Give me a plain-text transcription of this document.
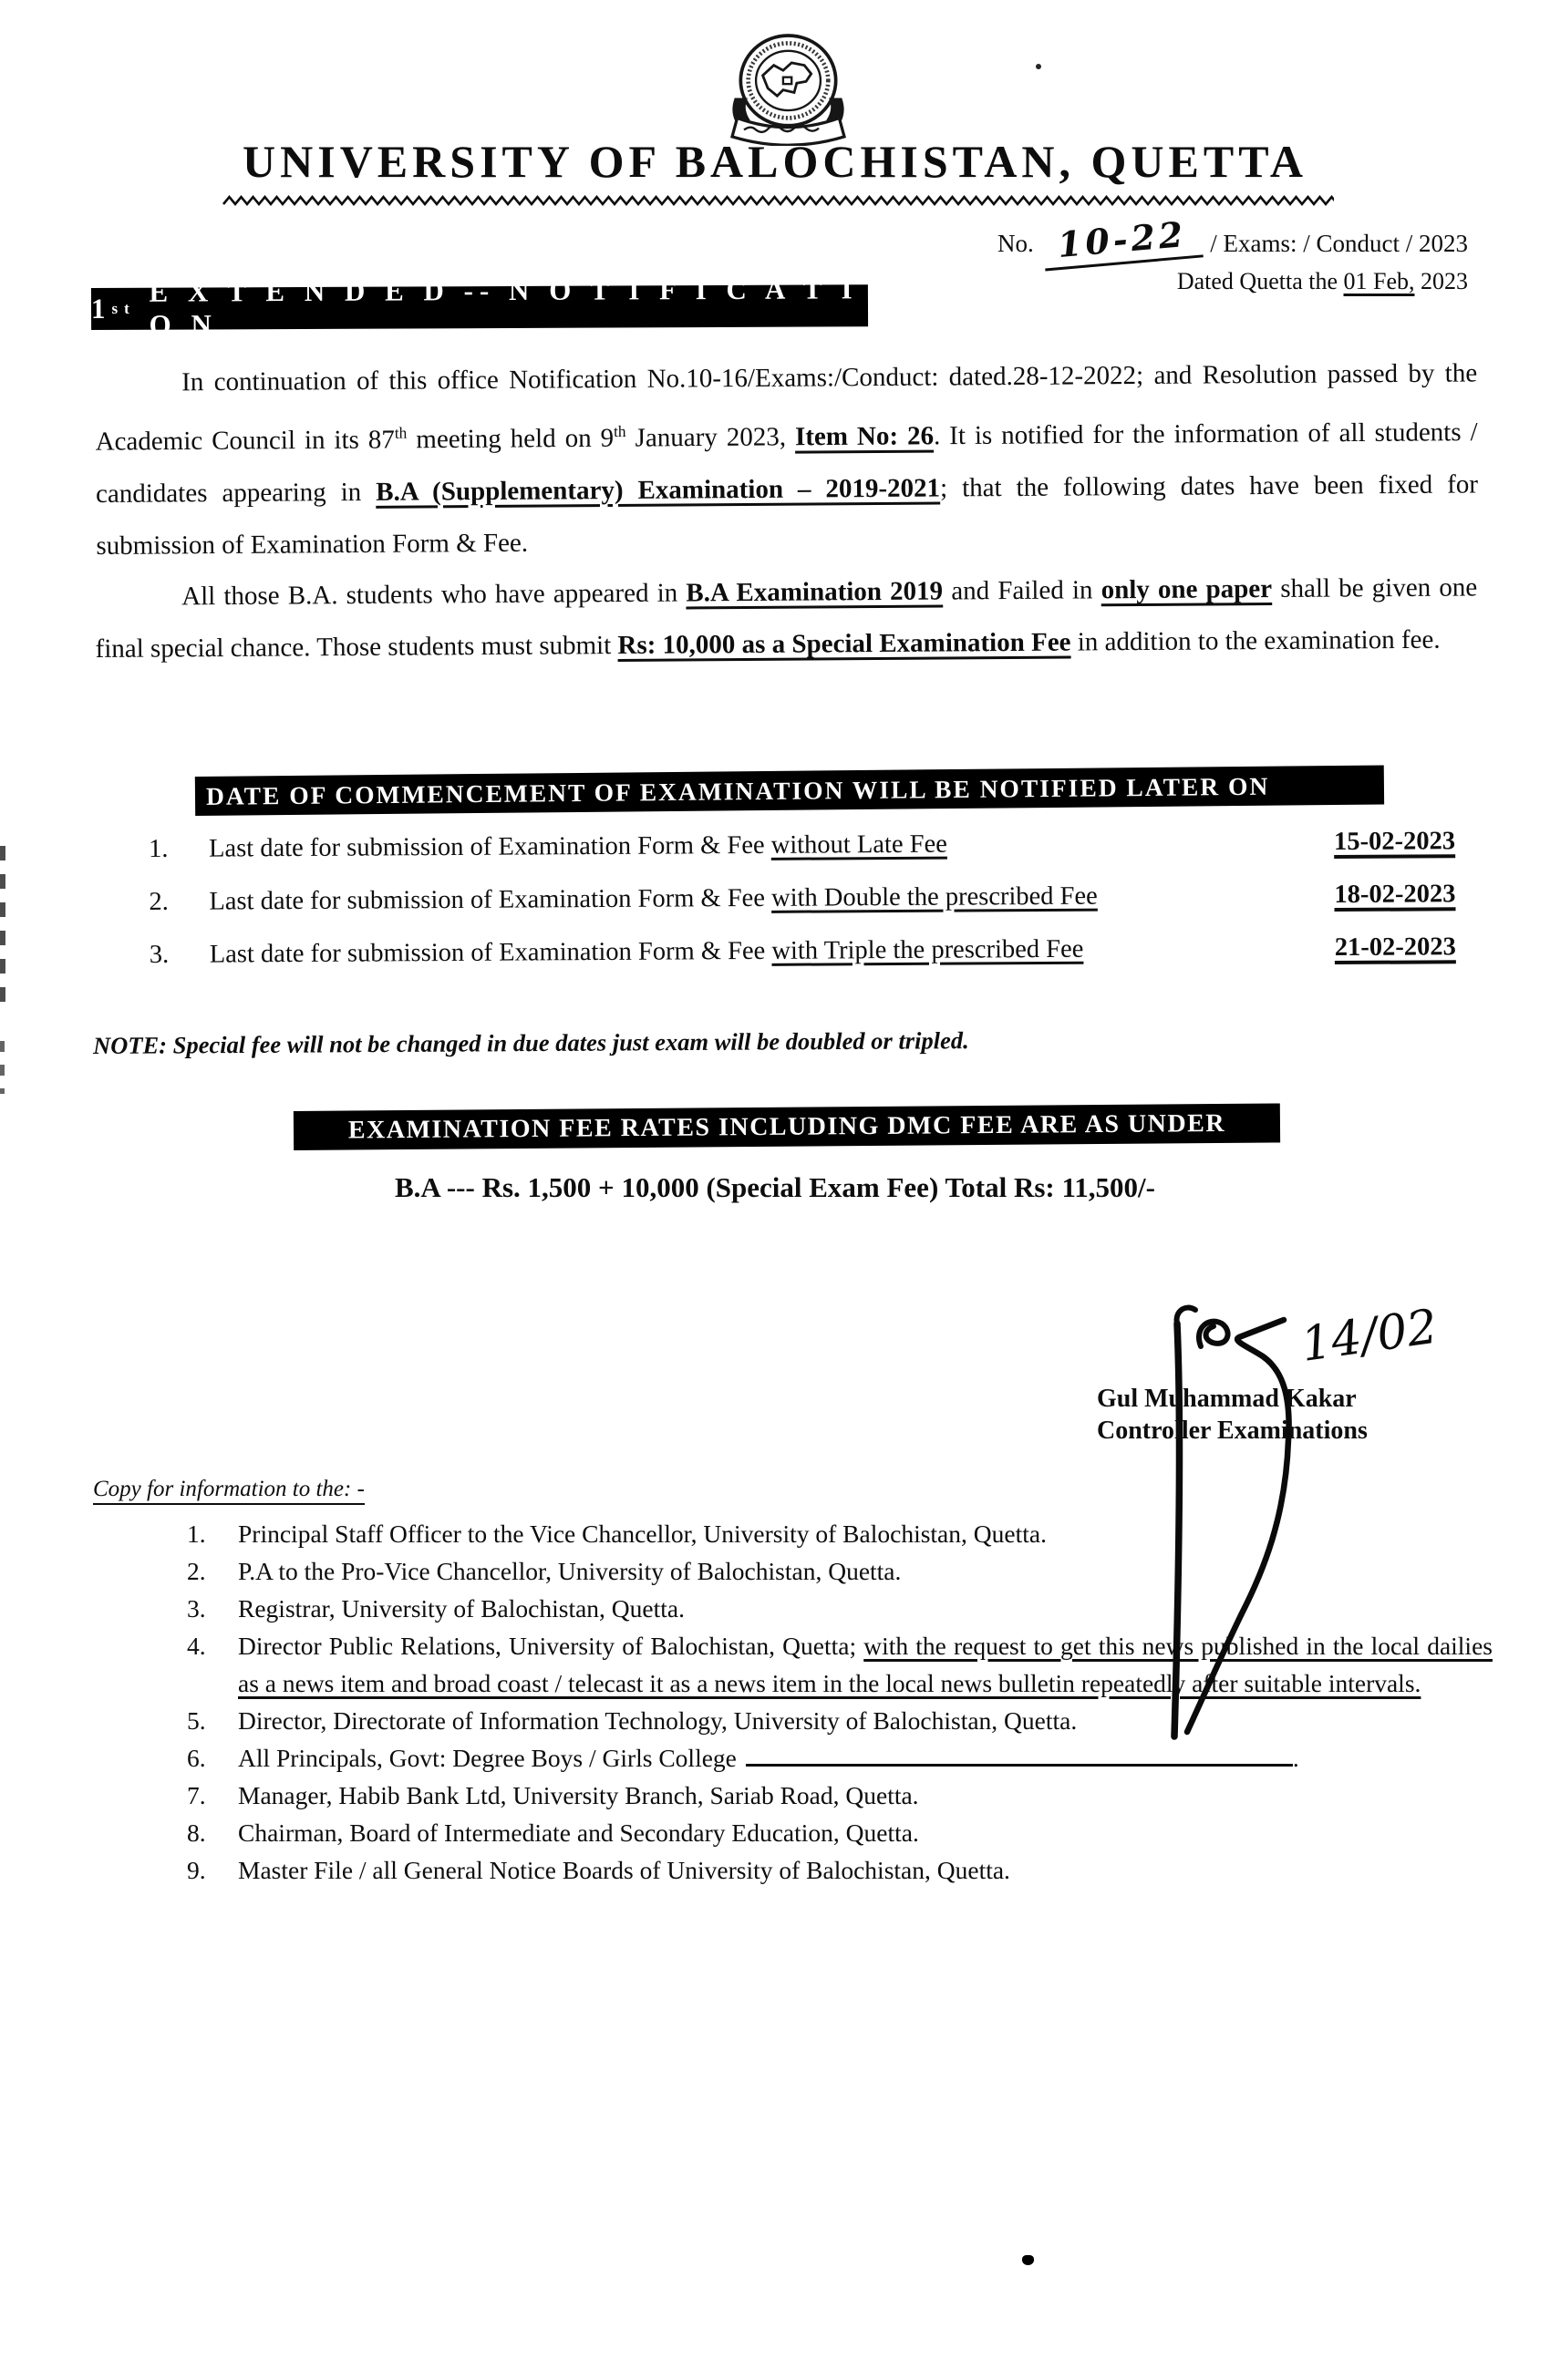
UNIVERSITY OF BALOCHISTAN, QUETTA
No. 10-22 / Exams: / Conduct / 2023
Dated Quetta the 01 Feb, 2023
1 st

E X T E N D E D -- N O T I F I C A T I O N
In continuation of this office Notification No.10-16/Exams:/Conduct: dated.28-12-2022; and Resolution passed by the Academic Council in its 87th meeting held on 9th January 2023, Item No: 26. It is notified for the information of all students / candidates appearing in B.A (Supplementary) Examination – 2019-2021; that the following dates have been fixed for submission of Examination Form & Fee.
All those B.A. students who have appeared in B.A Examination 2019 and Failed in only one paper shall be given one final special chance. Those students must submit Rs: 10,000 as a Special Examination Fee in addition to the examination fee.
DATE OF COMMENCEMENT OF EXAMINATION WILL BE NOTIFIED LATER ON
1.	Last date for submission of Examination Form & Fee without Late Fee	15-02-2023
2.	Last date for submission of Examination Form & Fee with Double the prescribed Fee	18-02-2023
3.	Last date for submission of Examination Form & Fee with Triple the prescribed Fee	21-02-2023
NOTE: Special fee will not be changed in due dates just exam will be doubled or tripled.
EXAMINATION FEE RATES INCLUDING DMC FEE ARE AS UNDER
B.A --- Rs. 1,500 + 10,000 (Special Exam Fee) Total Rs: 11,500/-
14/02
Gul Muhammad Kakar
Controller Examinations
Copy for information to the: -
1.	Principal Staff Officer to the Vice Chancellor, University of Balochistan, Quetta.
2.	P.A to the Pro-Vice Chancellor, University of Balochistan, Quetta.
3.	Registrar, University of Balochistan, Quetta.
4.	Director Public Relations, University of Balochistan, Quetta; with the request to get this news published in the local dailies as a news item and broad coast / telecast it as a news item in the local news bulletin repeatedly after suitable intervals.
5.	Director, Directorate of Information Technology, University of Balochistan, Quetta.
6.	All Principals, Govt: Degree Boys / Girls College	.
7.	Manager, Habib Bank Ltd, University Branch, Sariab Road, Quetta.
8.	Chairman, Board of Intermediate and Secondary Education, Quetta.
9.	Master File / all General Notice Boards of University of Balochistan, Quetta.
